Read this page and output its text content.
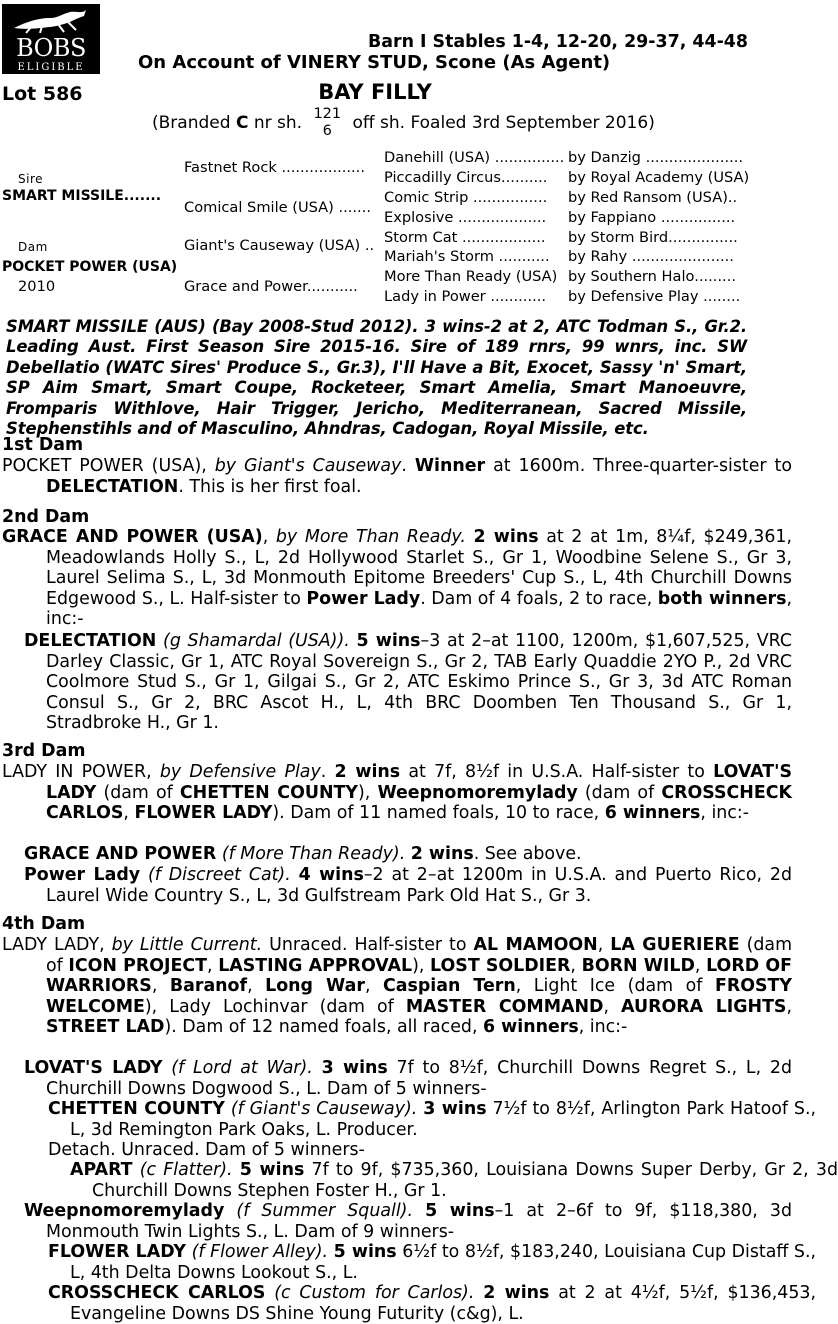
BOBS
ELIGIBLE
Barn I Stables 1-4, 12-20, 29-37, 44-48
On Account of VINERY STUD, Scone (As Agent)
Lot 586	BAY FILLY
(Branded C nr sh. 121
6 off sh. Foaled 3rd September 2016)
Sire
SMART MISSILE.......
Dam
POCKET POWER (USA)
2010
Fastnet Rock ..................
Comical Smile (USA) .......
Giant's Causeway (USA) ..
Grace and Power...........
Danehill (USA) ...............
Piccadilly Circus..........
Comic Strip ................
Explosive ...................
Storm Cat ..................
Mariah's Storm ...........
More Than Ready (USA)
Lady in Power ............
by Danzig .....................
by Royal Academy (USA)
by Red Ransom (USA)..
by Fappiano ................
by Storm Bird...............
by Rahy ......................
by Southern Halo.........
by Defensive Play ........
SMART MISSILE (AUS) (Bay 2008-Stud 2012). 3 wins-2 at 2, ATC Todman S., Gr.2. Leading Aust. First Season Sire 2015-16. Sire of 189 rnrs, 99 wnrs, inc. SW Debellatio (WATC Sires' Produce S., Gr.3), I'll Have a Bit, Exocet, Sassy 'n' Smart, SP Aim Smart, Smart Coupe, Rocketeer, Smart Amelia, Smart Manoeuvre, Fromparis Withlove, Hair Trigger, Jericho, Mediterranean, Sacred Missile, Stephenstihls and of Masculino, Ahndras, Cadogan, Royal Missile, etc.
1st Dam
POCKET POWER (USA), by Giant's Causeway. Winner at 1600m. Three-quarter-sister to DELECTATION. This is her first foal.
2nd Dam
GRACE AND POWER (USA), by More Than Ready. 2 wins at 2 at 1m, 8¼f, $249,361, Meadowlands Holly S., L, 2d Hollywood Starlet S., Gr 1, Woodbine Selene S., Gr 3, Laurel Selima S., L, 3d Monmouth Epitome Breeders' Cup S., L, 4th Churchill Downs Edgewood S., L. Half-sister to Power Lady. Dam of 4 foals, 2 to race, both winners, inc:-
DELECTATION (g Shamardal (USA)). 5 wins–3 at 2–at 1100, 1200m, $1,607,525, VRC Darley Classic, Gr 1, ATC Royal Sovereign S., Gr 2, TAB Early Quaddie 2YO P., 2d VRC Coolmore Stud S., Gr 1, Gilgai S., Gr 2, ATC Eskimo Prince S., Gr 3, 3d ATC Roman Consul S., Gr 2, BRC Ascot H., L, 4th BRC Doomben Ten Thousand S., Gr 1, Stradbroke H., Gr 1.
3rd Dam
LADY IN POWER, by Defensive Play. 2 wins at 7f, 8½f in U.S.A. Half-sister to LOVAT'S LADY (dam of CHETTEN COUNTY), Weepnomoremylady (dam of CROSSCHECK CARLOS, FLOWER LADY). Dam of 11 named foals, 10 to race, 6 winners, inc:-
GRACE AND POWER (f More Than Ready). 2 wins. See above.
Power Lady (f Discreet Cat). 4 wins–2 at 2–at 1200m in U.S.A. and Puerto Rico, 2d Laurel Wide Country S., L, 3d Gulfstream Park Old Hat S., Gr 3.
4th Dam
LADY LADY, by Little Current. Unraced. Half-sister to AL MAMOON, LA GUERIERE (dam of ICON PROJECT, LASTING APPROVAL), LOST SOLDIER, BORN WILD, LORD OF WARRIORS, Baranof, Long War, Caspian Tern, Light Ice (dam of FROSTY WELCOME), Lady Lochinvar (dam of MASTER COMMAND, AURORA LIGHTS, STREET LAD). Dam of 12 named foals, all raced, 6 winners, inc:-
LOVAT'S LADY (f Lord at War). 3 wins 7f to 8½f, Churchill Downs Regret S., L, 2d Churchill Downs Dogwood S., L. Dam of 5 winners-
CHETTEN COUNTY (f Giant's Causeway). 3 wins 7½f to 8½f, Arlington Park Hatoof S., L, 3d Remington Park Oaks, L. Producer.
Detach. Unraced. Dam of 5 winners-
APART (c Flatter). 5 wins 7f to 9f, $735,360, Louisiana Downs Super Derby, Gr 2, 3d Churchill Downs Stephen Foster H., Gr 1.
Weepnomoremylady (f Summer Squall). 5 wins–1 at 2–6f to 9f, $118,380, 3d Monmouth Twin Lights S., L. Dam of 9 winners-
FLOWER LADY (f Flower Alley). 5 wins 6½f to 8½f, $183,240, Louisiana Cup Distaff S., L, 4th Delta Downs Lookout S., L.
CROSSCHECK CARLOS (c Custom for Carlos). 2 wins at 2 at 4½f, 5½f, $136,453, Evangeline Downs DS Shine Young Futurity (c&g), L.
